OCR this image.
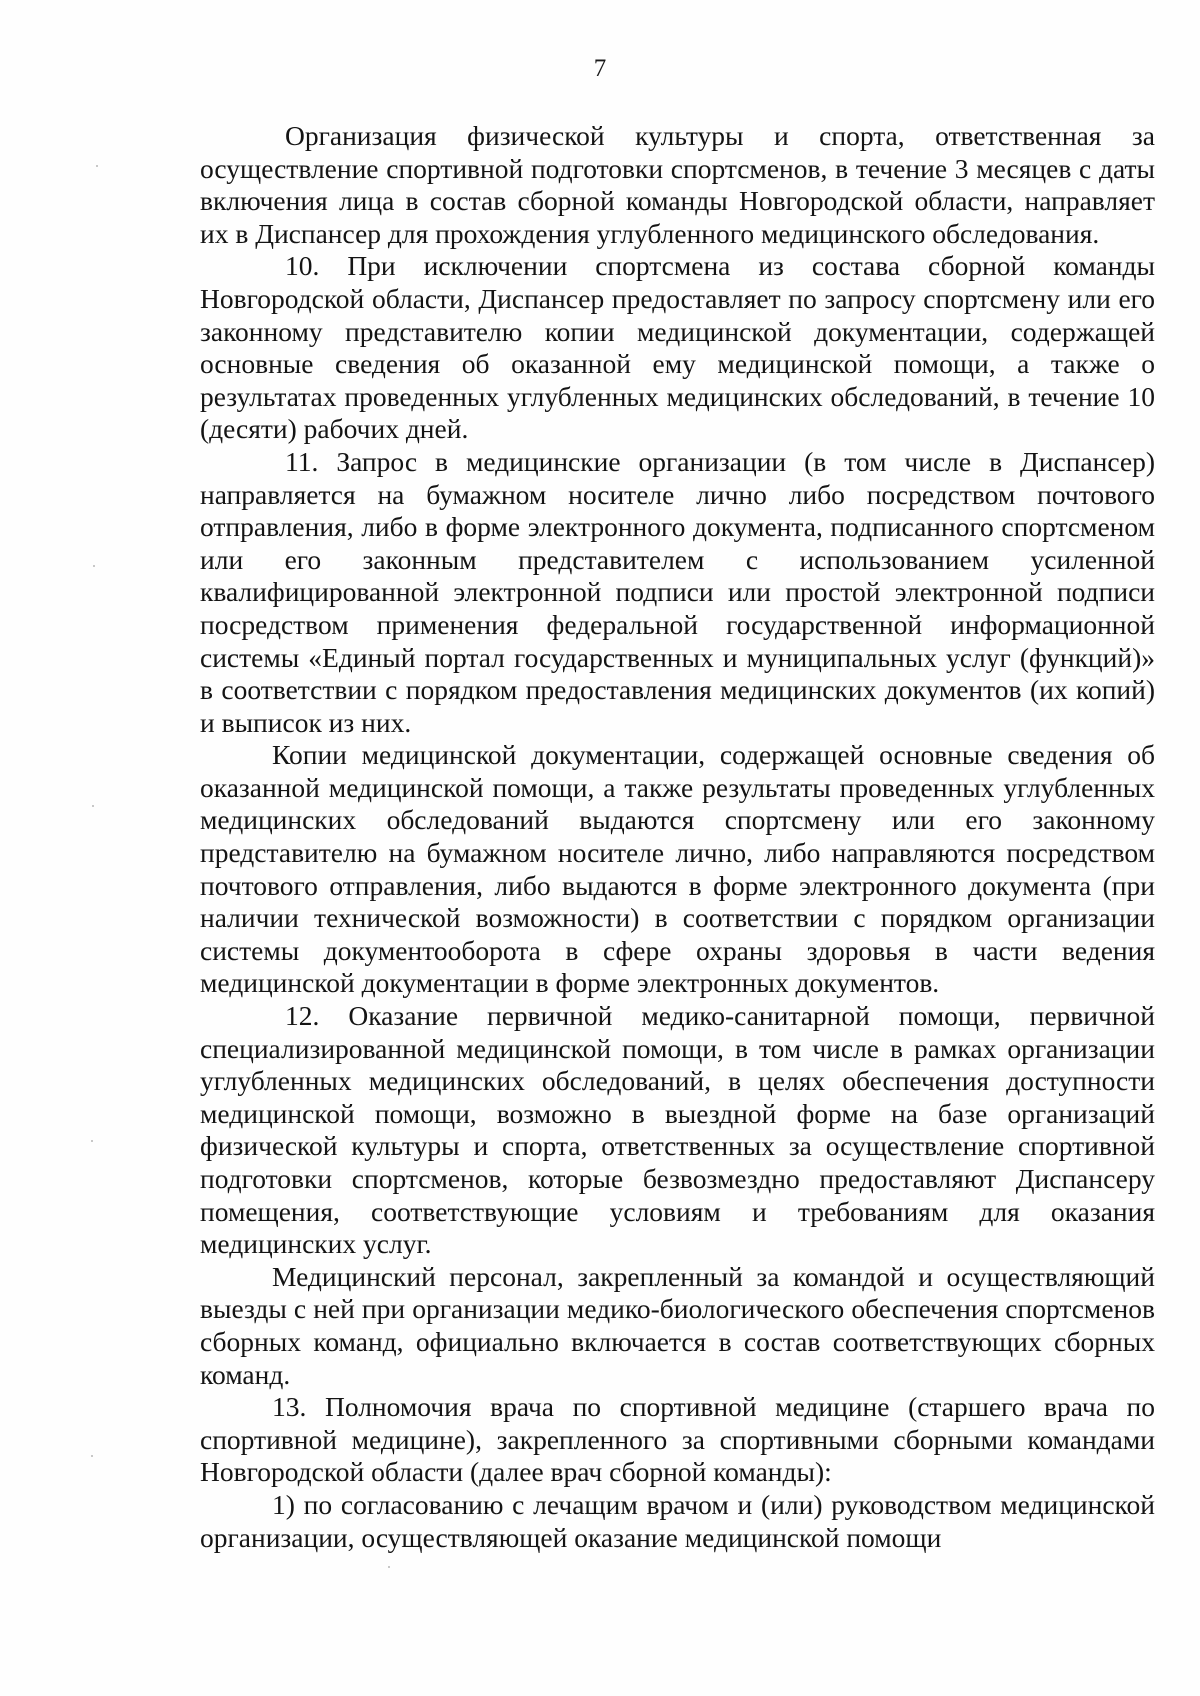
7

Организация физической культуры и спорта, ответственная за осуществление спортивной подготовки спортсменов, в течение 3 месяцев с даты включения лица в состав сборной команды Новгородской области, направляет их в Диспансер для прохождения углубленного медицинского обследования.

10. При исключении спортсмена из состава сборной команды Новгородской области, Диспансер предоставляет по запросу спортсмену или его законному представителю копии медицинской документации, содержащей основные сведения об оказанной ему медицинской помощи, а также о результатах проведенных углубленных медицинских обследований, в течение 10 (десяти) рабочих дней.

11. Запрос в медицинские организации (в том числе в Диспансер) направляется на бумажном носителе лично либо посредством почтового отправления, либо в форме электронного документа, подписанного спортсменом или его законным представителем с использованием усиленной квалифицированной электронной подписи или простой электронной подписи посредством применения федеральной государственной информационной системы «Единый портал государственных и муниципальных услуг (функций)» в соответствии с порядком предоставления медицинских документов (их копий) и выписок из них.

Копии медицинской документации, содержащей основные сведения об оказанной медицинской помощи, а также результаты проведенных углубленных медицинских обследований выдаются спортсмену или его законному представителю на бумажном носителе лично, либо направляются посредством почтового отправления, либо выдаются в форме электронного документа (при наличии технической возможности) в соответствии с порядком организации системы документооборота в сфере охраны здоровья в части ведения медицинской документации в форме электронных документов.

12. Оказание первичной медико-санитарной помощи, первичной специализированной медицинской помощи, в том числе в рамках организации углубленных медицинских обследований, в целях обеспечения доступности медицинской помощи, возможно в выездной форме на базе организаций физической культуры и спорта, ответственных за осуществление спортивной подготовки спортсменов, которые безвозмездно предоставляют Диспансеру помещения, соответствующие условиям и требованиям для оказания медицинских услуг.

Медицинский персонал, закрепленный за командой и осуществляющий выезды с ней при организации медико-биологического обеспечения спортсменов сборных команд, официально включается в состав соответствующих сборных команд.

13. Полномочия врача по спортивной медицине (старшего врача по спортивной медицине), закрепленного за спортивными сборными командами Новгородской области (далее врач сборной команды):

1) по согласованию с лечащим врачом и (или) руководством медицинской организации, осуществляющей оказание медицинской помощи
